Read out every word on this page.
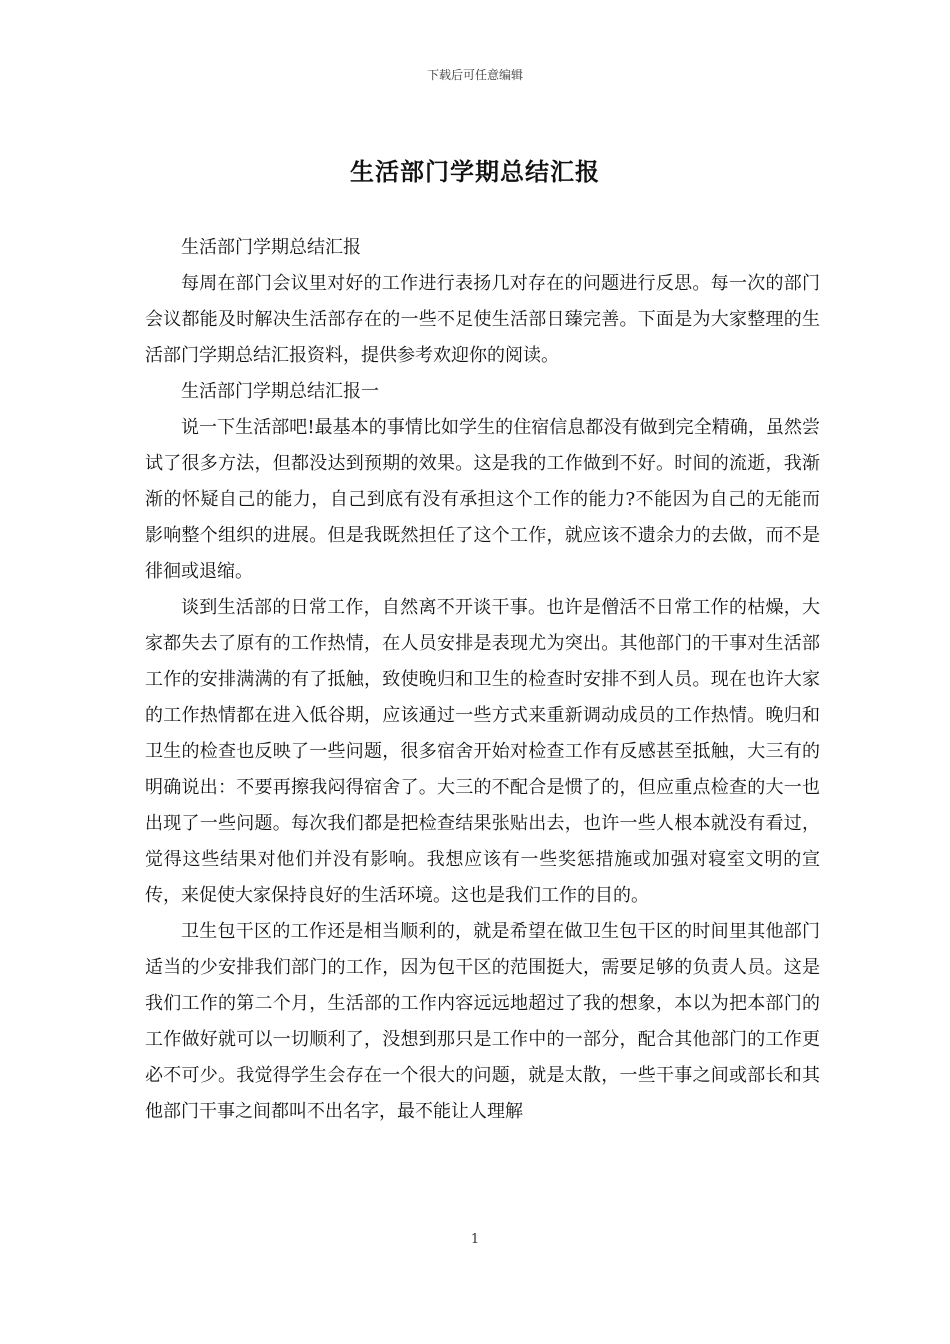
下载后可任意编辑
生活部门学期总结汇报

生活部门学期总结汇报

每周在部门会议里对好的工作进行表扬几对存在的问题进行反思。每一次的部门会议都能及时解决生活部存在的一些不足使生活部日臻完善。下面是为大家整理的生活部门学期总结汇报资料，提供参考欢迎你的阅读。

生活部门学期总结汇报一

说一下生活部吧!最基本的事情比如学生的住宿信息都没有做到完全精确，虽然尝试了很多方法，但都没达到预期的效果。这是我的工作做到不好。时间的流逝，我渐渐的怀疑自己的能力，自己到底有没有承担这个工作的能力?不能因为自己的无能而影响整个组织的进展。但是我既然担任了这个工作，就应该不遗余力的去做，而不是徘徊或退缩。

谈到生活部的日常工作，自然离不开谈干事。也许是僧活不日常工作的枯燥，大家都失去了原有的工作热情，在人员安排是表现尤为突出。其他部门的干事对生活部工作的安排满满的有了抵触，致使晚归和卫生的检查时安排不到人员。现在也许大家的工作热情都在进入低谷期，应该通过一些方式来重新调动成员的工作热情。晚归和卫生的检查也反映了一些问题，很多宿舍开始对检查工作有反感甚至抵触，大三有的明确说出：不要再擦我闷得宿舍了。大三的不配合是惯了的，但应重点检查的大一也出现了一些问题。每次我们都是把检查结果张贴出去，也许一些人根本就没有看过，觉得这些结果对他们并没有影响。我想应该有一些奖惩措施或加强对寝室文明的宣传，来促使大家保持良好的生活环境。这也是我们工作的目的。

卫生包干区的工作还是相当顺利的，就是希望在做卫生包干区的时间里其他部门适当的少安排我们部门的工作，因为包干区的范围挺大，需要足够的负责人员。这是我们工作的第二个月，生活部的工作内容远远地超过了我的想象，本以为把本部门的工作做好就可以一切顺利了，没想到那只是工作中的一部分，配合其他部门的工作更必不可少。我觉得学生会存在一个很大的问题，就是太散，一些干事之间或部长和其他部门干事之间都叫不出名字，最不能让人理解

1
